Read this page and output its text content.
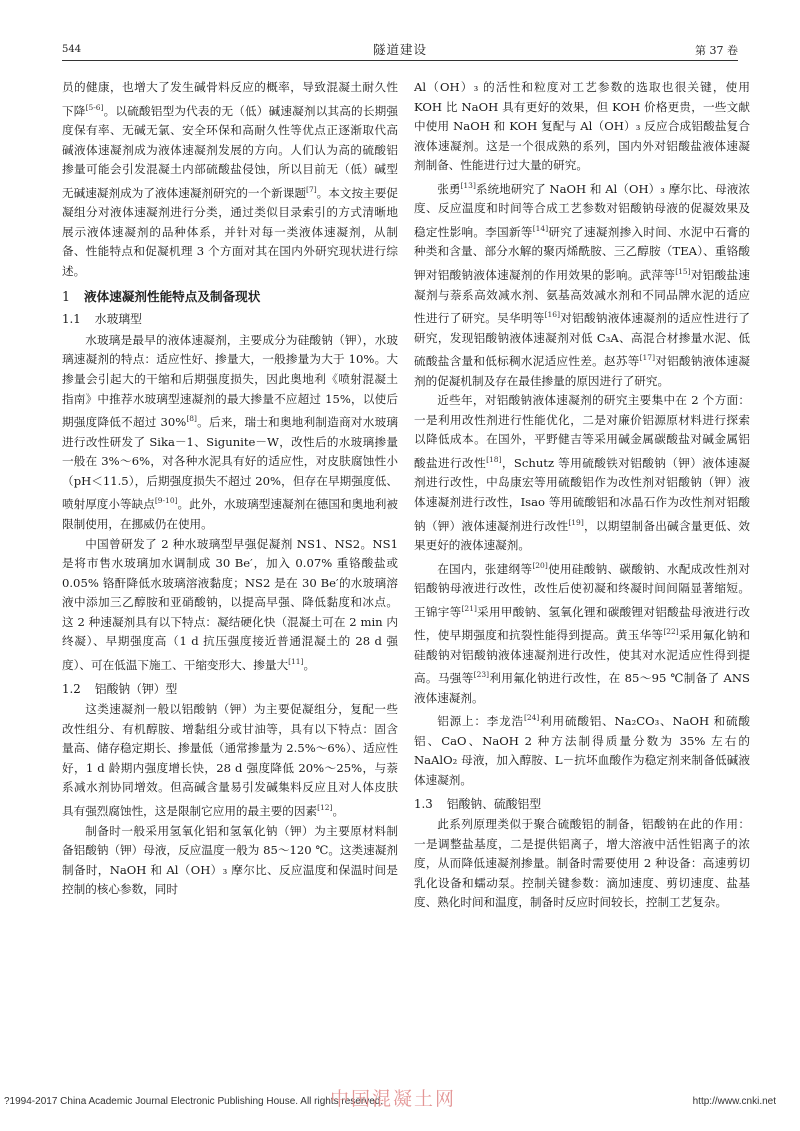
544	隧道建设	第 37 卷

员的健康，也增大了发生碱骨料反应的概率，导致混凝土耐久性下降[5-6]。以硫酸铝型为代表的无（低）碱速凝剂以其高的长期强度保有率、无碱无氯、安全环保和高耐久性等优点正逐渐取代高碱液体速凝剂成为液体速凝剂发展的方向。人们认为高的硫酸铝掺量可能会引发混凝土内部硫酸盐侵蚀，所以目前无（低）碱型无碱速凝剂成为了液体速凝剂研究的一个新课题[7]。本文按主要促凝组分对液体速凝剂进行分类，通过类似目录索引的方式清晰地展示液体速凝剂的品种体系，并针对每一类液体速凝剂，从制备、性能特点和促凝机理 3 个方面对其在国内外研究现状进行综述。

1 液体速凝剂性能特点及制备现状
1.1 水玻璃型

水玻璃是最早的液体速凝剂，主要成分为硅酸钠（钾），水玻璃速凝剂的特点：适应性好、掺量大，一般掺量为大于 10%。大掺量会引起大的干缩和后期强度损失，因此奥地利《喷射混凝土指南》中推荐水玻璃型速凝剂的最大掺量不应超过 15%，以使后期强度降低不超过 30%[8]。后来，瑞士和奥地利制造商对水玻璃进行改性研发了 Sika－1、Sigunite－W，改性后的水玻璃掺量一般在 3%～6%，对各种水泥具有好的适应性，对皮肤腐蚀性小（pH＜11.5），后期强度损失不超过 20%，但存在早期强度低、喷射厚度小等缺点[9-10]。此外，水玻璃型速凝剂在德国和奥地利被限制使用，在挪威仍在使用。

中国曾研发了 2 种水玻璃型早强促凝剂 NS1、NS2。NS1 是将市售水玻璃加水调制成 30 Be′，加入 0.07% 重铬酸盐或 0.05% 铬酐降低水玻璃溶液黏度；NS2 是在 30 Be′的水玻璃溶液中添加三乙醇胺和亚硝酸钠，以提高早强、降低黏度和冰点。这 2 种速凝剂具有以下特点：凝结硬化快（混凝土可在 2 min 内终凝）、早期强度高（1 d 抗压强度接近普通混凝土的 28 d 强度）、可在低温下施工、干缩变形大、掺量大[11]。

1.2 铝酸钠（钾）型

这类速凝剂一般以铝酸钠（钾）为主要促凝组分，复配一些改性组分、有机醇胺、增黏组分或甘油等，具有以下特点：固含量高、储存稳定期长、掺量低（通常掺量为 2.5%～6%）、适应性好，1 d 龄期内强度增长快，28 d 强度降低 20%～25%，与萘系减水剂协同增效。但高碱含量易引发碱集料反应且对人体皮肤具有强烈腐蚀性，这是限制它应用的最主要的因素[12]。

制备时一般采用氢氧化铝和氢氧化钠（钾）为主要原材料制备铝酸钠（钾）母液，反应温度一般为 85～120 ℃。这类速凝剂制备时，NaOH 和 Al（OH）₃ 摩尔比、反应温度和保温时间是控制的核心参数，同时

Al（OH）₃ 的活性和粒度对工艺参数的选取也很关键，使用 KOH 比 NaOH 具有更好的效果，但 KOH 价格更贵，一些文献中使用 NaOH 和 KOH 复配与 Al（OH）₃ 反应合成铝酸盐复合液体速凝剂。这是一个很成熟的系列，国内外对铝酸盐液体速凝剂制备、性能进行过大量的研究。

张勇[13]系统地研究了 NaOH 和 Al（OH）₃ 摩尔比、母液浓度、反应温度和时间等合成工艺参数对铝酸钠母液的促凝效果及稳定性影响。李国新等[14]研究了速凝剂掺入时间、水泥中石膏的种类和含量、部分水解的聚丙烯酰胺、三乙醇胺（TEA）、重铬酸钾对铝酸钠液体速凝剂的作用效果的影响。武萍等[15]对铝酸盐速凝剂与萘系高效减水剂、氨基高效减水剂和不同品牌水泥的适应性进行了研究。吴华明等[16]对铝酸钠液体速凝剂的适应性进行了研究，发现铝酸钠液体速凝剂对低 C₃A、高混合材掺量水泥、低硫酸盐含量和低标稠水泥适应性差。赵苏等[17]对铝酸钠液体速凝剂的促凝机制及存在最佳掺量的原因进行了研究。

近些年，对铝酸钠液体速凝剂的研究主要集中在 2 个方面：一是利用改性剂进行性能优化，二是对廉价铝源原材料进行探索以降低成本。在国外，平野健吉等采用碱金属碳酸盐对碱金属铝酸盐进行改性[18]，Schutz 等用硫酸铁对铝酸钠（钾）液体速凝剂进行改性，中岛康宏等用硫酸铝作为改性剂对铝酸钠（钾）液体速凝剂进行改性，Isao 等用硫酸铝和冰晶石作为改性剂对铝酸钠（钾）液体速凝剂进行改性[19]，以期望制备出碱含量更低、效果更好的液体速凝剂。

在国内，张建纲等[20]使用硅酸钠、碳酸钠、水配成改性剂对铝酸钠母液进行改性，改性后使初凝和终凝时间间隔显著缩短。王锦宇等[21]采用甲酸钠、氢氧化锂和碳酸锂对铝酸盐母液进行改性，使早期强度和抗裂性能得到提高。黄玉华等[22]采用氟化钠和硅酸钠对铝酸钠液体速凝剂进行改性，使其对水泥适应性得到提高。马强等[23]利用氟化钠进行改性，在 85～95 ℃制备了 ANS 液体速凝剂。

铝源上：李龙浩[24]利用硫酸铝、Na₂CO₃、NaOH 和硫酸铝、CaO、NaOH 2 种方法制得质量分数为 35% 左右的 NaAlO₂ 母液，加入醇胺、L－抗坏血酸作为稳定剂来制备低碱液体速凝剂。

1.3 铝酸钠、硫酸铝型

此系列原理类似于聚合硫酸铝的制备，铝酸钠在此的作用：一是调整盐基度，二是提供铝离子，增大溶液中活性铝离子的浓度，从而降低速凝剂掺量。制备时需要使用 2 种设备：高速剪切乳化设备和蠕动泵。控制关键参数：滴加速度、剪切速度、盐基度、熟化时间和温度，制备时反应时间较长，控制工艺复杂。

?1994-2017 China Academic Journal Electronic Publishing House. All rights reserved.
中国混凝土网	http://www.cnki.net
